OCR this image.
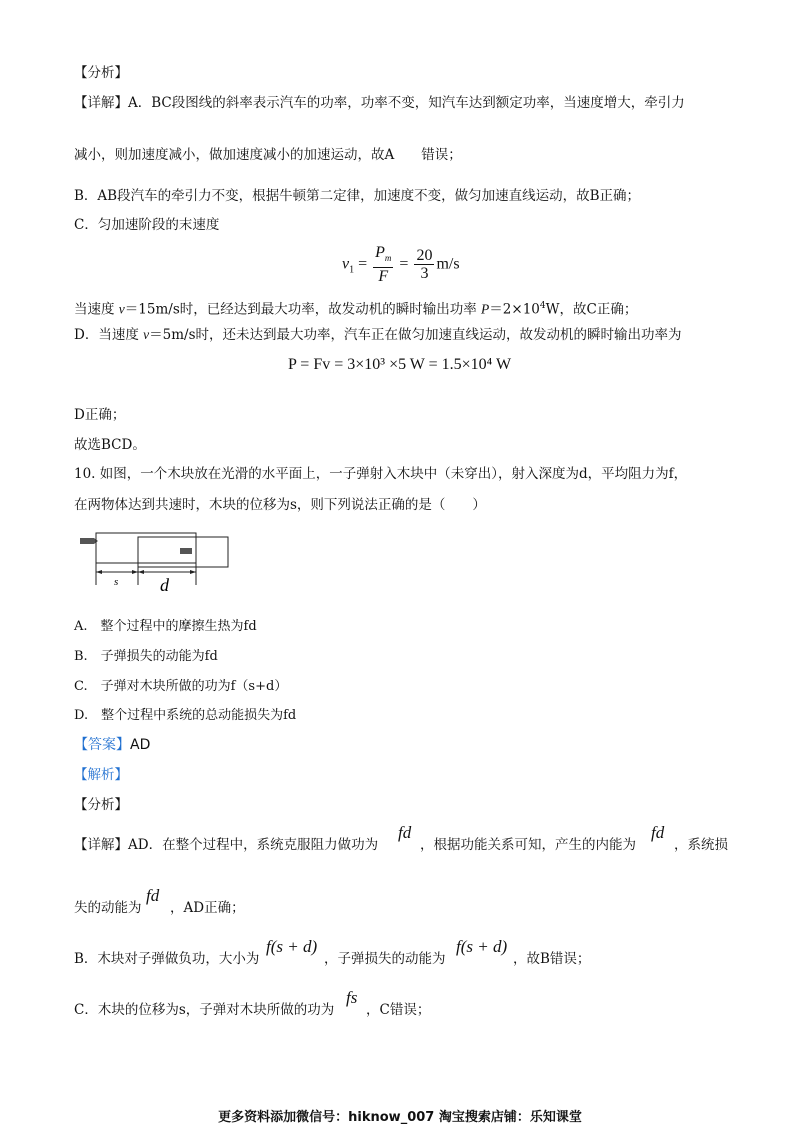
【分析】
【详解】A．BC段图线的斜率表示汽车的功率，功率不变，知汽车达到额定功率，当速度增大，牵引力
减小，则加速度减小，做加速度减小的加速运动，故A　　错误；
B．AB段汽车的牵引力不变，根据牛顿第二定律，加速度不变，做匀加速直线运动，故B正确；
C．匀加速阶段的末速度
$v_1 = \frac{P_m}{F} = \frac{20}{3} m/s$
当速度 v＝15m/s时，已经达到最大功率，故发动机的瞬时输出功率 $P=2\times 10^4W$，故C正确；
D．当速度 v＝5m/s时，还未达到最大功率，汽车正在做匀加速直线运动，故发动机的瞬时输出功率为
P = Fv = 3×10³ ×5 W = 1.5×10⁴ W
D正确；
故选BCD。
10. 如图，一个木块放在光滑的水平面上，一子弹射入木块中（未穿出），射入深度为d，平均阻力为f，
在两物体达到共速时，木块的位移为s，则下列说法正确的是（　　）
s d
A.　整个过程中的摩擦生热为fd
B.　子弹损失的动能为fd
C.　子弹对木块所做的功为f（s+d）
D.　整个过程中系统的总动能损失为fd
【答案】AD
【解析】
【分析】
【详解】AD．在整个过程中，系统克服阻力做功为
fd
，根据功能关系可知，产生的内能为
fd
，系统损
失的动能为
fd
，AD正确；
B．木块对子弹做负功，大小为
f(s + d)
，子弹损失的动能为
f(s + d)
，故B错误；
C．木块的位移为s，子弹对木块所做的功为
fs
，C错误；
更多资料添加微信号：hiknow_007 淘宝搜索店铺：乐知课堂
